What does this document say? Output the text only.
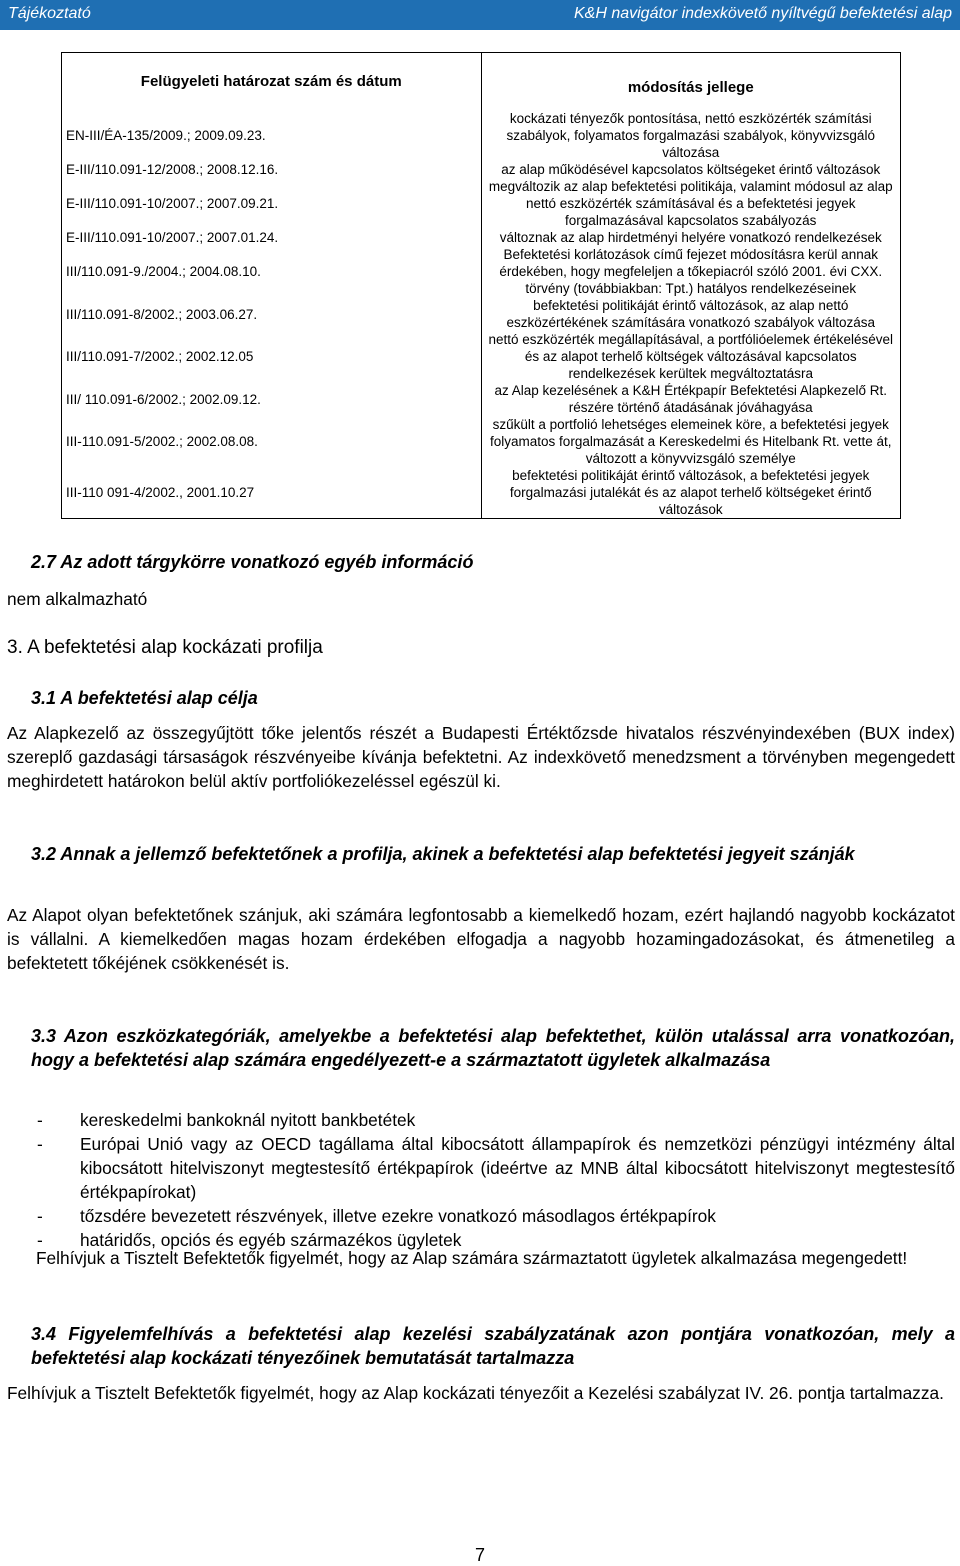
Tájékoztató	K&H navigátor indexkövető nyíltvégű befektetési alap
Felügyeleti határozat szám és dátum	módosítás jellege
EN-III/ÉA-135/2009.; 2009.09.23.	kockázati tényezők pontosítása, nettó eszközérték számítási szabályok, folyamatos forgalmazási szabályok, könyvvizsgáló változása
E-III/110.091-12/2008.; 2008.12.16.	az alap működésével kapcsolatos költségeket érintő változások
E-III/110.091-10/2007.; 2007.09.21.	megváltozik az alap befektetési politikája, valamint módosul az alap nettó eszközérték számításával és a befektetési jegyek forgalmazásával kapcsolatos szabályozás
E-III/110.091-10/2007.; 2007.01.24.	változnak az alap hirdetményi helyére vonatkozó rendelkezések
III/110.091-9./2004.; 2004.08.10.	Befektetési korlátozások című fejezet módosításra kerül annak érdekében, hogy megfeleljen a tőkepiacról szóló 2001. évi CXX. törvény (továbbiakban: Tpt.) hatályos rendelkezéseinek
III/110.091-8/2002.; 2003.06.27.	befektetési politikáját érintő változások, az alap nettó eszközértékének számítására vonatkozó szabályok változása
III/110.091-7/2002.; 2002.12.05	nettó eszközérték megállapításával, a portfólióelemek értékelésével és az alapot terhelő költségek változásával kapcsolatos rendelkezések kerültek megváltoztatásra
III/ 110.091-6/2002.; 2002.09.12.	az Alap kezelésének a K&H Értékpapír Befektetési Alapkezelő Rt. részére történő átadásának jóváhagyása
III-110.091-5/2002.; 2002.08.08.	szűkült a portfolió lehetséges elemeinek köre, a befektetési jegyek folyamatos forgalmazását a Kereskedelmi és Hitelbank Rt. vette át, változott a könyvvizsgáló személye
III-110 091-4/2002., 2001.10.27	befektetési politikáját érintő változások, a befektetési jegyek forgalmazási jutalékát és az alapot terhelő költségeket érintő változások
2.7 Az adott tárgykörre vonatkozó egyéb információ
nem alkalmazható
3. A befektetési alap kockázati profilja
3.1 A befektetési alap célja
Az Alapkezelő az összegyűjtött tőke jelentős részét a Budapesti Értéktőzsde hivatalos részvényindexében (BUX index) szereplő gazdasági társaságok részvényeibe kívánja befektetni. Az indexkövető menedzsment a törvényben megengedett meghirdetett határokon belül aktív portfoliókezeléssel egészül ki.
3.2 Annak a jellemző befektetőnek a profilja, akinek a befektetési alap befektetési jegyeit szánják
Az Alapot olyan befektetőnek szánjuk, aki számára legfontosabb a kiemelkedő hozam, ezért hajlandó nagyobb kockázatot is vállalni. A kiemelkedően magas hozam érdekében elfogadja a nagyobb hozamingadozásokat, és átmenetileg a befektetett tőkéjének csökkenését is.
3.3 Azon eszközkategóriák, amelyekbe a befektetési alap befektethet, külön utalással arra vonatkozóan, hogy a befektetési alap számára engedélyezett-e a származtatott ügyletek alkalmazása
- kereskedelmi bankoknál nyitott bankbetétek
- Európai Unió vagy az OECD tagállama által kibocsátott állampapírok és nemzetközi pénzügyi intézmény által kibocsátott hitelviszonyt megtestesítő értékpapírok (ideértve az MNB által kibocsátott hitelviszonyt megtestesítő értékpapírokat)
- tőzsdére bevezetett részvények, illetve ezekre vonatkozó másodlagos értékpapírok
- határidős, opciós és egyéb származékos ügyletek
Felhívjuk a Tisztelt Befektetők figyelmét, hogy az Alap számára származtatott ügyletek alkalmazása megengedett!
3.4 Figyelemfelhívás a befektetési alap kezelési szabályzatának azon pontjára vonatkozóan, mely a befektetési alap kockázati tényezőinek bemutatását tartalmazza
Felhívjuk a Tisztelt Befektetők figyelmét, hogy az Alap kockázati tényezőit a Kezelési szabályzat IV. 26. pontja tartalmazza.
7
